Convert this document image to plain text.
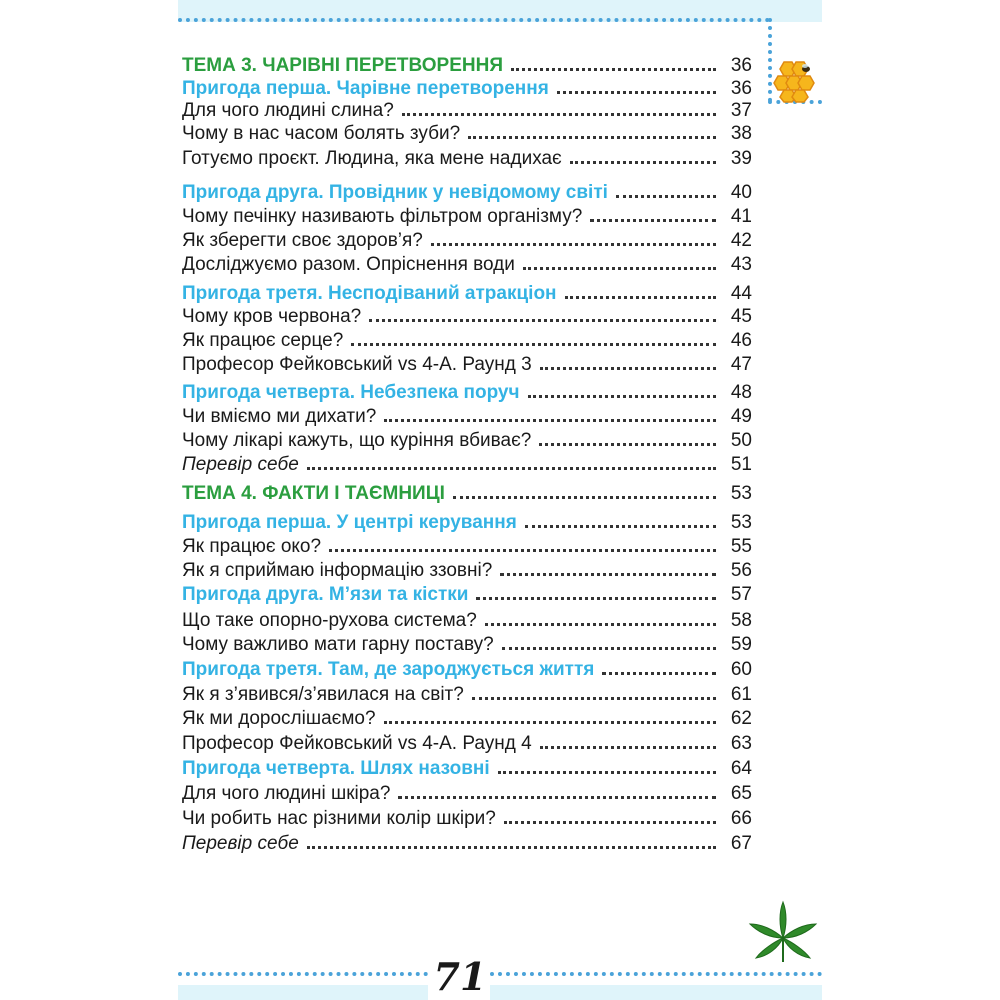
ТЕМА 3. ЧАРІВНІ ПЕРЕТВОРЕННЯ	36
Пригода перша. Чарівне перетворення	36
Для чого людині слина?	37
Чому в нас часом болять зуби?	38
Готуємо проєкт. Людина, яка мене надихає	39
Пригода друга. Провідник у невідомому світі	40
Чому печінку називають фільтром організму?	41
Як зберегти своє здоров’я?	42
Досліджуємо разом. Опріснення води	43
Пригода третя. Несподіваний атракціон	44
Чому кров червона?	45
Як працює серце?	46
Професор Фейковський vs 4-А. Раунд 3	47
Пригода четверта. Небезпека поруч	48
Чи вміємо ми дихати?	49
Чому лікарі кажуть, що куріння вбиває?	50
Перевір себе	51
ТЕМА 4. ФАКТИ І ТАЄМНИЦІ	53
Пригода перша. У центрі керування	53
Як працює око?	55
Як я сприймаю інформацію ззовні?	56
Пригода друга. М’язи та кістки	57
Що таке опорно-рухова система?	58
Чому важливо мати гарну поставу?	59
Пригода третя. Там, де зароджується життя	60
Як я з’явився/з’явилася на світ?	61
Як ми дорослішаємо?	62
Професор Фейковський vs 4-А. Раунд 4	63
Пригода четверта. Шлях назовні	64
Для чого людині шкіра?	65
Чи робить нас різними колір шкіри?	66
Перевір себе	67
71
